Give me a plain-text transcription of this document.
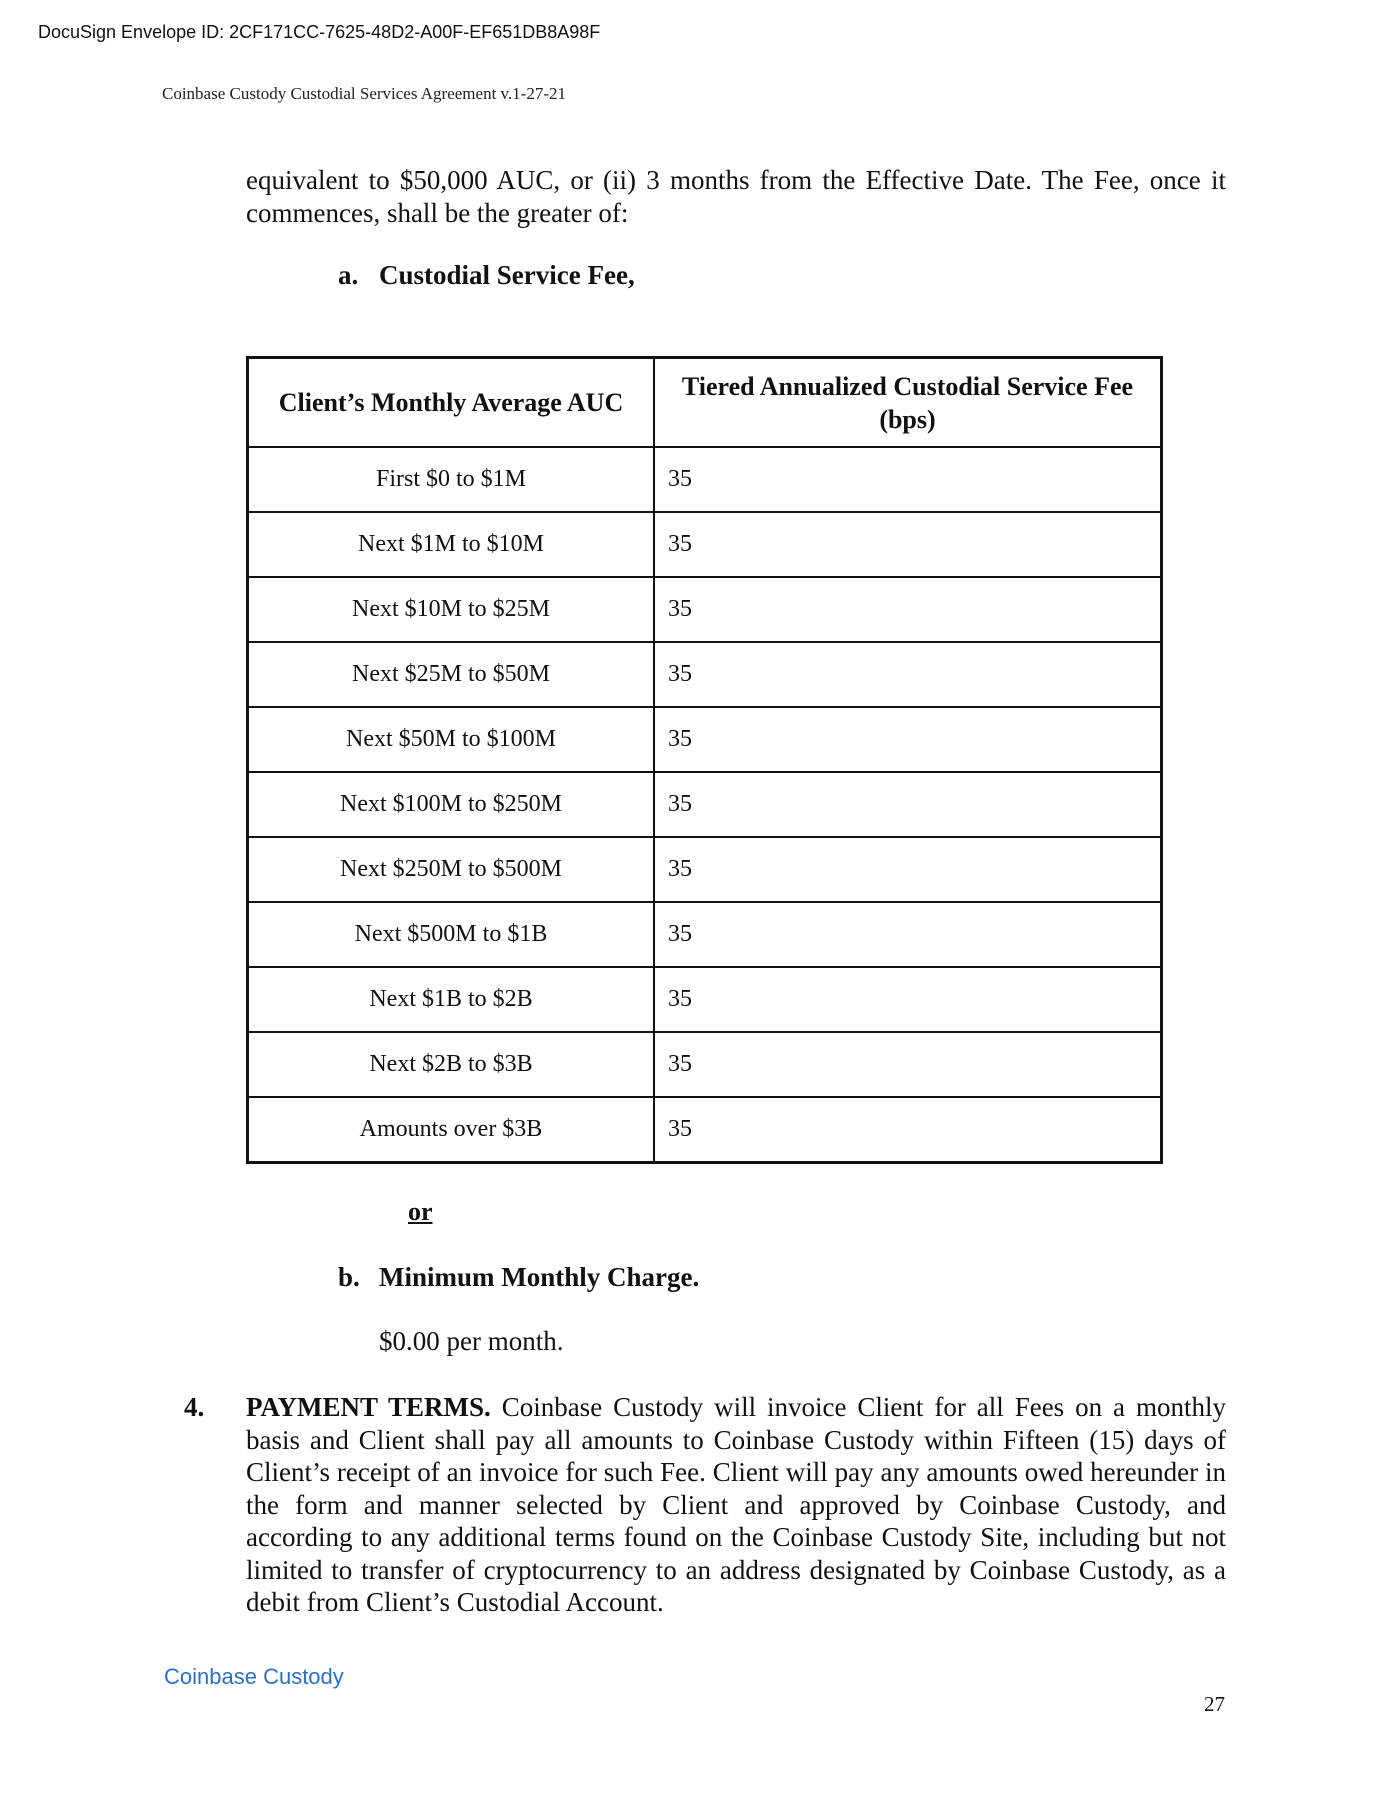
DocuSign Envelope ID: 2CF171CC-7625-48D2-A00F-EF651DB8A98F
Coinbase Custody Custodial Services Agreement v.1-27-21
equivalent to $50,000 AUC, or (ii) 3 months from the Effective Date. The Fee, once it commences, shall be the greater of:
a. Custodial Service Fee,
Client’s Monthly Average AUC	Tiered Annualized Custodial Service Fee (bps)
First $0 to $1M	35
Next $1M to $10M	35
Next $10M to $25M	35
Next $25M to $50M	35
Next $50M to $100M	35
Next $100M to $250M	35
Next $250M to $500M	35
Next $500M to $1B	35
Next $1B to $2B	35
Next $2B to $3B	35
Amounts over $3B	35
or
b. Minimum Monthly Charge.
$0.00 per month.
4. PAYMENT TERMS. Coinbase Custody will invoice Client for all Fees on a monthly basis and Client shall pay all amounts to Coinbase Custody within Fifteen (15) days of Client’s receipt of an invoice for such Fee. Client will pay any amounts owed hereunder in the form and manner selected by Client and approved by Coinbase Custody, and according to any additional terms found on the Coinbase Custody Site, including but not limited to transfer of cryptocurrency to an address designated by Coinbase Custody, as a debit from Client’s Custodial Account.
Coinbase Custody
27
